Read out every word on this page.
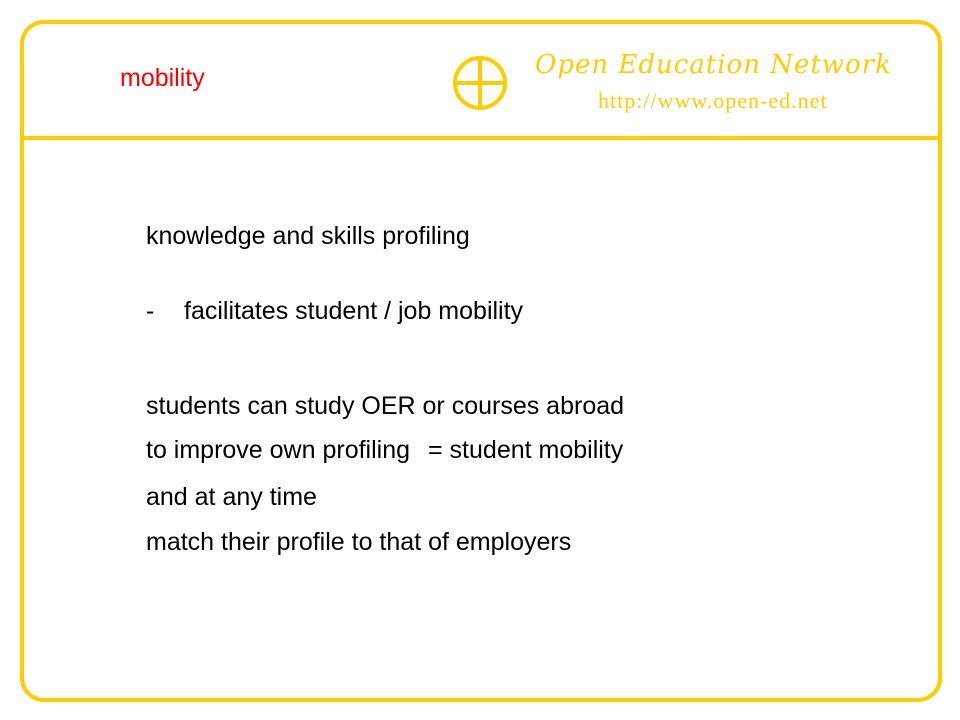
mobility	Open Education Network
http://www.open-ed.net
knowledge and skills profiling
- facilitates student / job mobility
students can study OER or courses abroad
to improve own profiling = student mobility
and at any time
match their profile to that of employers
